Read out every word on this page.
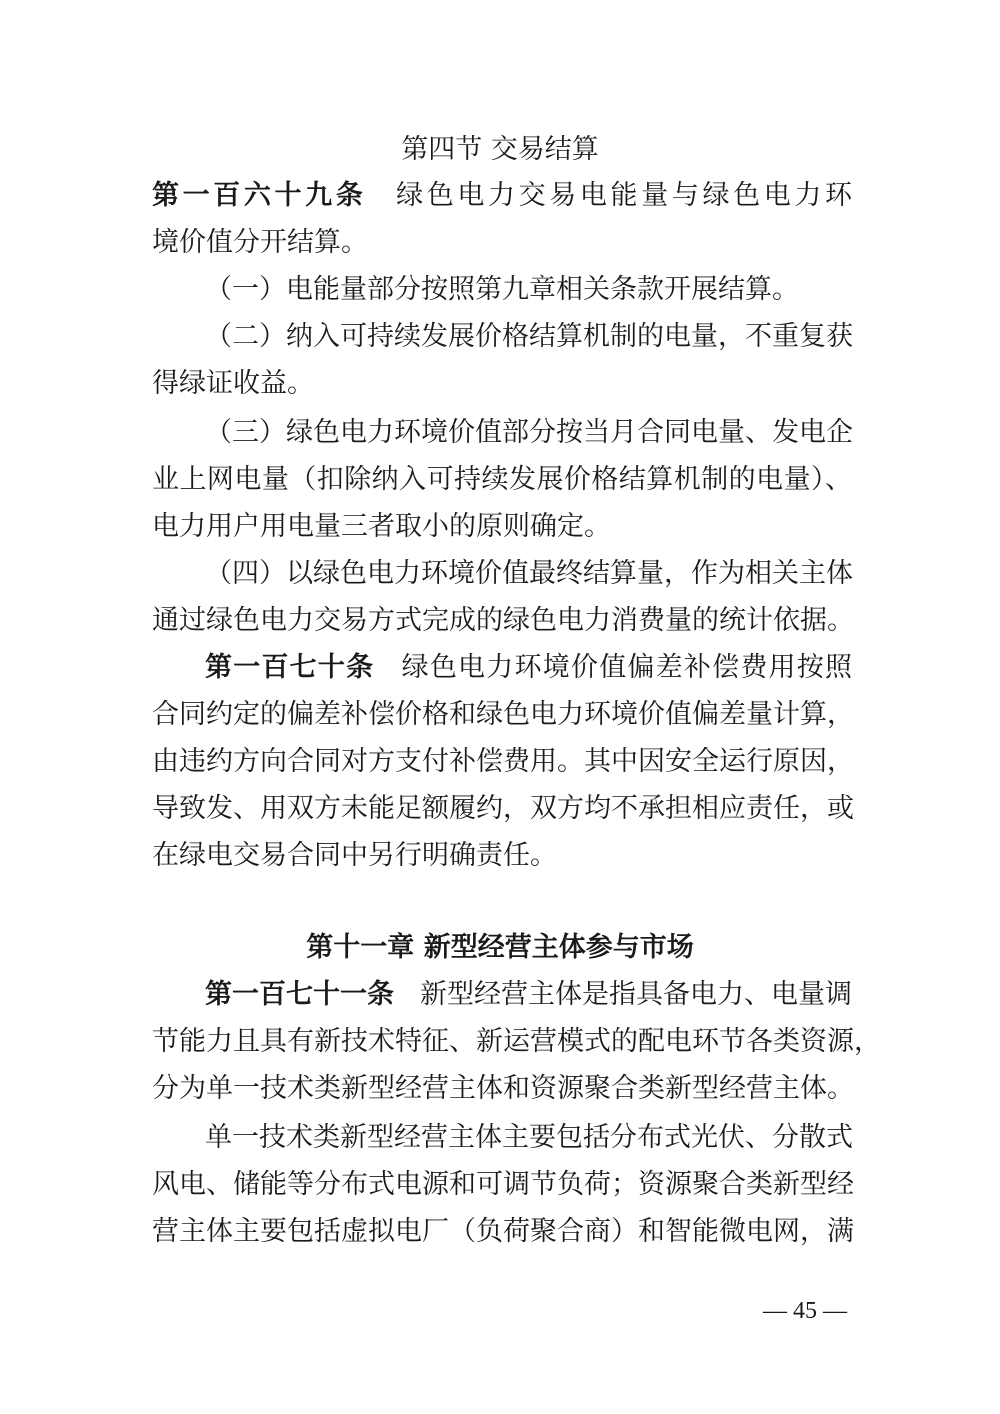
第四节 交易结算
第一百六十九条 绿色电力交易电能量与绿色电力环
境价值分开结算。
（一）电能量部分按照第九章相关条款开展结算。
（二）纳入可持续发展价格结算机制的电量，不重复获
得绿证收益。
（三）绿色电力环境价值部分按当月合同电量、发电企
业上网电量（扣除纳入可持续发展价格结算机制的电量）、
电力用户用电量三者取小的原则确定。
（四）以绿色电力环境价值最终结算量，作为相关主体
通过绿色电力交易方式完成的绿色电力消费量的统计依据。
第一百七十条 绿色电力环境价值偏差补偿费用按照
合同约定的偏差补偿价格和绿色电力环境价值偏差量计算，
由违约方向合同对方支付补偿费用。其中因安全运行原因，
导致发、用双方未能足额履约，双方均不承担相应责任，或
在绿电交易合同中另行明确责任。
第十一章 新型经营主体参与市场
第一百七十一条 新型经营主体是指具备电力、电量调
节能力且具有新技术特征、新运营模式的配电环节各类资源，
分为单一技术类新型经营主体和资源聚合类新型经营主体。
单一技术类新型经营主体主要包括分布式光伏、分散式
风电、储能等分布式电源和可调节负荷；资源聚合类新型经
营主体主要包括虚拟电厂（负荷聚合商）和智能微电网，满
— 45 —
